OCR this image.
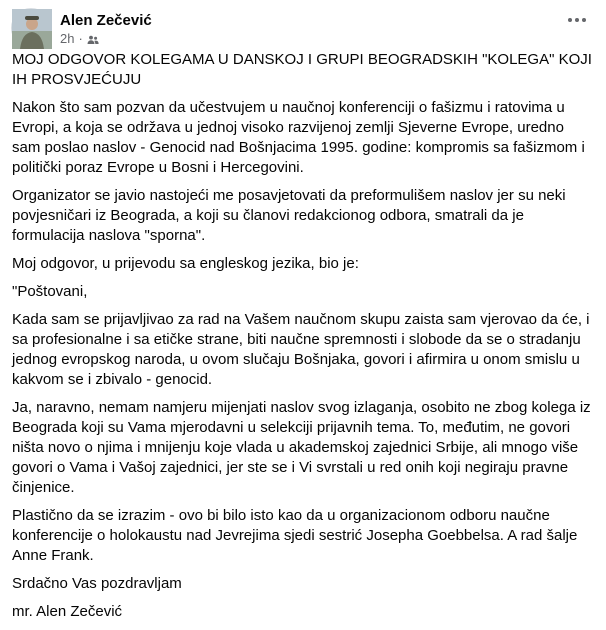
Alen Zečević
2h ·

MOJ ODGOVOR KOLEGAMA U DANSKOJ I GRUPI BEOGRADSKIH "KOLEGA" KOJI IH PROSVJEĆUJU

Nakon što sam pozvan da učestvujem u naučnoj konferenciji o fašizmu i ratovima u Evropi, a koja se održava u jednoj visoko razvijenoj zemlji Sjeverne Evrope, uredno sam poslao naslov - Genocid nad Bošnjacima 1995. godine: kompromis sa fašizmom i politički poraz Evrope u Bosni i Hercegovini.

Organizator se javio nastojeći me posavjetovati da preformulišem naslov jer su neki povjesničari iz Beograda, a koji su članovi redakcionog odbora, smatrali da je formulacija naslova "sporna".

Moj odgovor, u prijevodu sa engleskog jezika, bio je:

"Poštovani,

Kada sam se prijavljivao za rad na Vašem naučnom skupu zaista sam vjerovao da će, i sa profesionalne i sa etičke strane, biti naučne spremnosti i slobode da se o stradanju jednog evropskog naroda, u ovom slučaju Bošnjaka, govori i afirmira u onom smislu u kakvom se i zbivalo - genocid.

Ja, naravno, nemam namjeru mijenjati naslov svog izlaganja, osobito ne zbog kolega iz Beograda koji su Vama mjerodavni u selekciji prijavnih tema. To, međutim, ne govori ništa novo o njima i mnijenju koje vlada u akademskoj zajednici Srbije, ali mnogo više govori o Vama i Vašoj zajednici, jer ste se i Vi svrstali u red onih koji negiraju pravne činjenice.

Plastično da se izrazim - ovo bi bilo isto kao da u organizacionom odboru naučne konferencije o holokaustu nad Jevrejima sjedi sestrić Josepha Goebbelsa. A rad šalje Anne Frank.

Srdačno Vas pozdravljam

mr. Alen Zečević
